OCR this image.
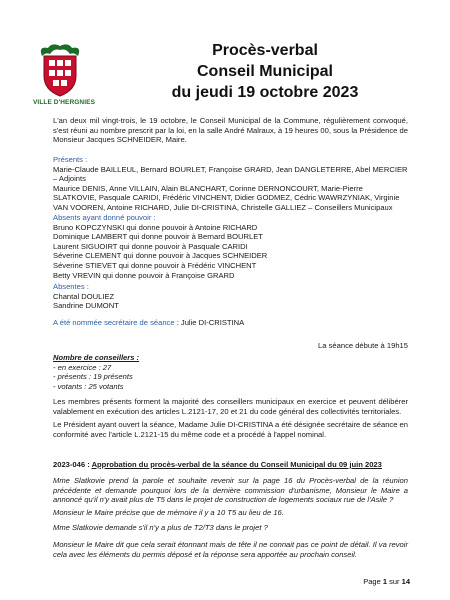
VILLE D'HERGNIES
Procès-verbal
Conseil Municipal
du jeudi 19 octobre 2023
L'an deux mil vingt-trois, le 19 octobre, le Conseil Municipal de la Commune, régulièrement convoqué, s'est réuni au nombre prescrit par la loi, en la salle André Malraux, à 19 heures 00, sous la Présidence de Monsieur Jacques SCHNEIDER, Maire.
Présents :
Marie-Claude BAILLEUL, Bernard BOURLET, Françoise GRARD, Jean DANGLETERRE, Abel MERCIER – Adjoints
Maurice DENIS, Anne VILLAIN, Alain BLANCHART, Corinne DERNONCOURT, Marie-Pierre SLATKOVIE, Pasquale CARIDI, Frédéric VINCHENT, Didier GODMEZ, Cédric WAWRZYNIAK, Virginie VAN VOOREN, Antoine RICHARD, Julie DI-CRISTINA, Christelle GALLIEZ – Conseillers Municipaux
Absents ayant donné pouvoir :
Bruno KOPCZYNSKI qui donne pouvoir à Antoine RICHARD
Dominique LAMBERT qui donne pouvoir à Bernard BOURLET
Laurent SIGUOIRT qui donne pouvoir à Pasquale CARIDI
Séverine CLEMENT qui donne pouvoir à Jacques SCHNEIDER
Séverine STIEVET qui donne pouvoir à Frédéric VINCHENT
Betty VREVIN qui donne pouvoir à Françoise GRARD
Absentes :
Chantal DOULIEZ
Sandrine DUMONT
A été nommée secrétaire de séance : Julie DI-CRISTINA
La séance débute à 19h15
Nombre de conseillers :
- en exercice : 27
- présents : 19 présents
- votants : 25 votants
Les membres présents forment la majorité des conseillers municipaux en exercice et peuvent délibérer valablement en exécution des articles L.2121-17, 20 et 21 du code général des collectivités territoriales.
Le Président ayant ouvert la séance, Madame Julie DI-CRISTINA a été désignée secrétaire de séance en conformité avec l'article L.2121-15 du même code et a procédé à l'appel nominal.
2023-046 : Approbation du procès-verbal de la séance du Conseil Municipal du 09 juin 2023
Mme Slatkovie prend la parole et souhaite revenir sur la page 16 du Procès-verbal de la réunion précédente et demande pourquoi lors de la dernière commission d'urbanisme, Monsieur le Maire a annoncé qu'il n'y avait plus de T5 dans le projet de construction de logements sociaux rue de l'Asile ?
Monsieur le Maire précise que de mémoire il y a 10 T5 au lieu de 16.
Mme Slatkovie demande s'il n'y a plus de T2/T3 dans le projet ?
Monsieur le Maire dit que cela serait étonnant mais de tête il ne connait pas ce point de détail. Il va revoir cela avec les éléments du permis déposé et la réponse sera apportée au prochain conseil.
Page 1 sur 14
